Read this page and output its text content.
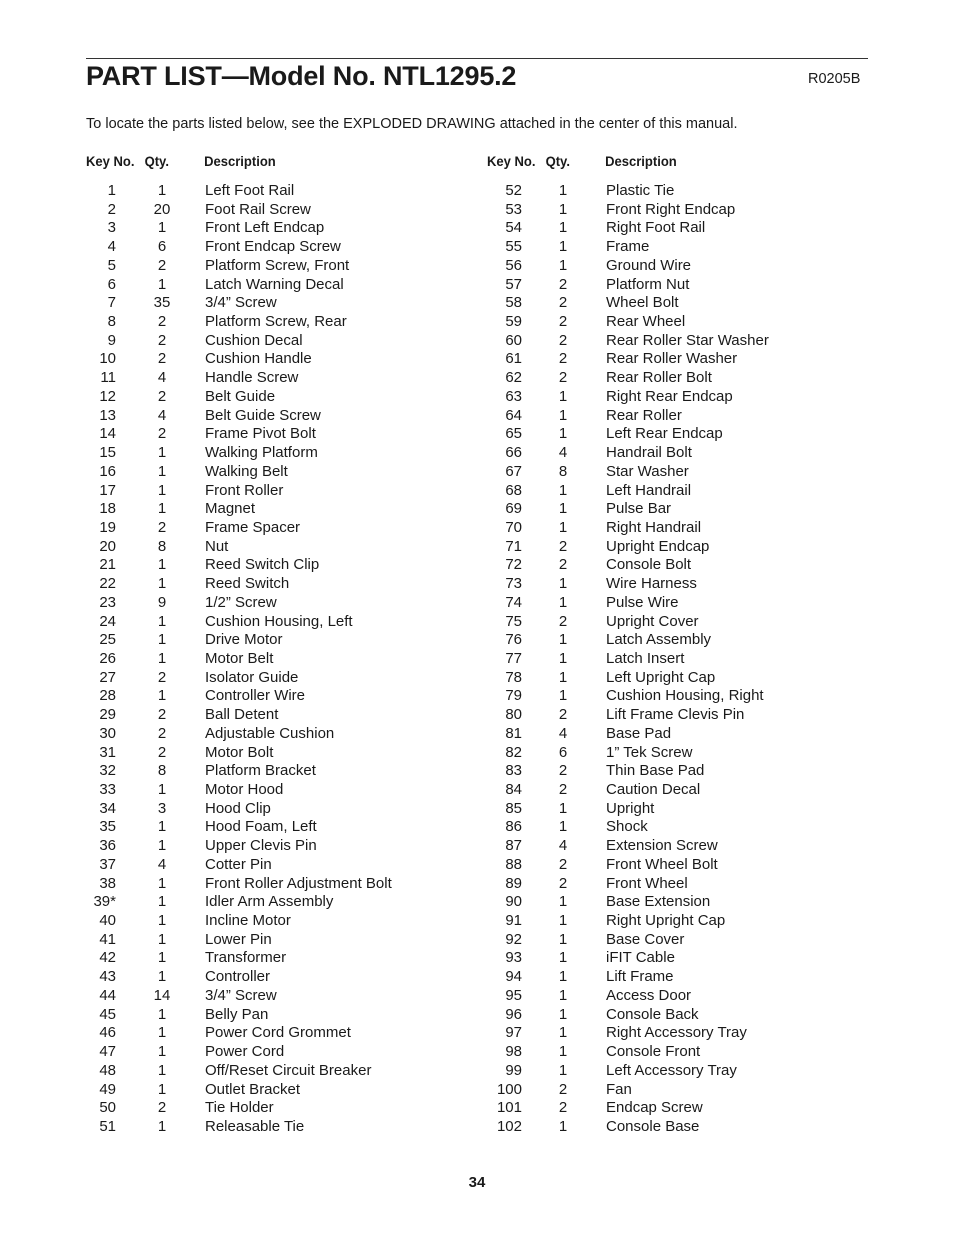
PART LIST—Model No. NTL1295.2	R0205B
To locate the parts listed below, see the EXPLODED DRAWING attached in the center of this manual.
Key No. Qty.	Description
1	1	Left Foot Rail
2	20	Foot Rail Screw
3	1	Front Left Endcap
4	6	Front Endcap Screw
5	2	Platform Screw, Front
6	1	Latch Warning Decal
7	35	3/4” Screw
8	2	Platform Screw, Rear
9	2	Cushion Decal
10	2	Cushion Handle
11	4	Handle Screw
12	2	Belt Guide
13	4	Belt Guide Screw
14	2	Frame Pivot Bolt
15	1	Walking Platform
16	1	Walking Belt
17	1	Front Roller
18	1	Magnet
19	2	Frame Spacer
20	8	Nut
21	1	Reed Switch Clip
22	1	Reed Switch
23	9	1/2” Screw
24	1	Cushion Housing, Left
25	1	Drive Motor
26	1	Motor Belt
27	2	Isolator Guide
28	1	Controller Wire
29	2	Ball Detent
30	2	Adjustable Cushion
31	2	Motor Bolt
32	8	Platform Bracket
33	1	Motor Hood
34	3	Hood Clip
35	1	Hood Foam, Left
36	1	Upper Clevis Pin
37	4	Cotter Pin
38	1	Front Roller Adjustment Bolt
39*	1	Idler Arm Assembly
40	1	Incline Motor
41	1	Lower Pin
42	1	Transformer
43	1	Controller
44	14	3/4” Screw
45	1	Belly Pan
46	1	Power Cord Grommet
47	1	Power Cord
48	1	Off/Reset Circuit Breaker
49	1	Outlet Bracket
50	2	Tie Holder
51	1	Releasable Tie
Key No. Qty.	Description
52	1	Plastic Tie
53	1	Front Right Endcap
54	1	Right Foot Rail
55	1	Frame
56	1	Ground Wire
57	2	Platform Nut
58	2	Wheel Bolt
59	2	Rear Wheel
60	2	Rear Roller Star Washer
61	2	Rear Roller Washer
62	2	Rear Roller Bolt
63	1	Right Rear Endcap
64	1	Rear Roller
65	1	Left Rear Endcap
66	4	Handrail Bolt
67	8	Star Washer
68	1	Left Handrail
69	1	Pulse Bar
70	1	Right Handrail
71	2	Upright Endcap
72	2	Console Bolt
73	1	Wire Harness
74	1	Pulse Wire
75	2	Upright Cover
76	1	Latch Assembly
77	1	Latch Insert
78	1	Left Upright Cap
79	1	Cushion Housing, Right
80	2	Lift Frame Clevis Pin
81	4	Base Pad
82	6	1” Tek Screw
83	2	Thin Base Pad
84	2	Caution Decal
85	1	Upright
86	1	Shock
87	4	Extension Screw
88	2	Front Wheel Bolt
89	2	Front Wheel
90	1	Base Extension
91	1	Right Upright Cap
92	1	Base Cover
93	1	iFIT Cable
94	1	Lift Frame
95	1	Access Door
96	1	Console Back
97	1	Right Accessory Tray
98	1	Console Front
99	1	Left Accessory Tray
100	2	Fan
101	2	Endcap Screw
102	1	Console Base
34
